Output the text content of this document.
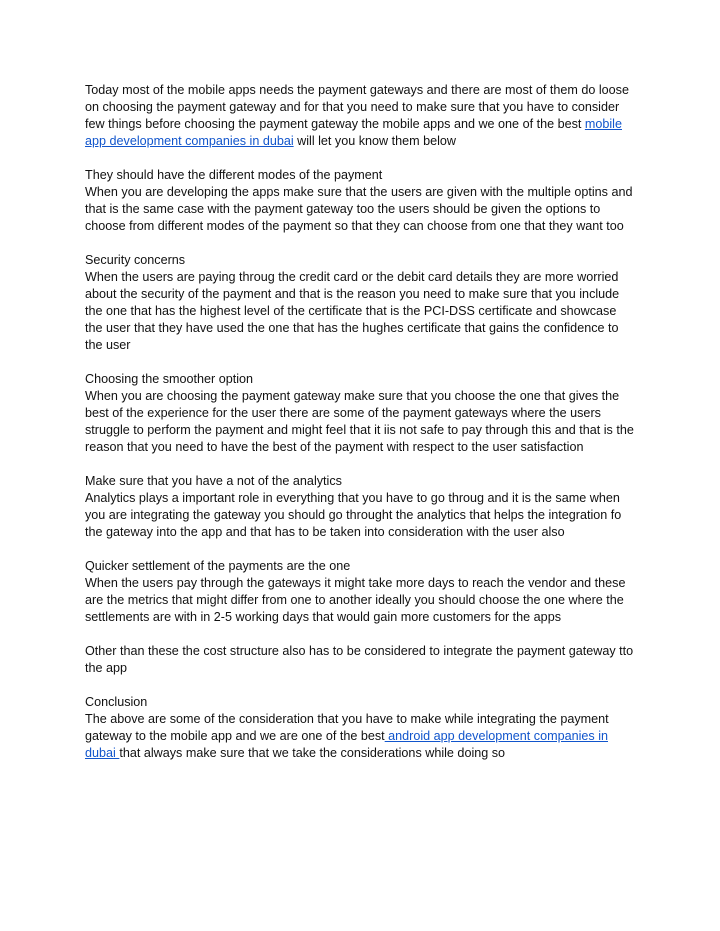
Today most of the mobile apps needs the payment gateways and there are most of them do loose on choosing the payment gateway and for that you need to make sure that you have to consider few things before choosing the payment gateway the mobile apps and we one of the best mobile app development companies in dubai will let you know them below

They should have the different modes of the payment

When you are developing the apps make sure that the users are given with the multiple optins and that is the same case with the payment gateway too the users should be given the options to choose from different modes of the payment so that they can choose from one that they want too

Security concerns

When the users are paying throug the credit card or the debit card details they are more worried about the security of the payment and that is the reason you need to make sure that you include the one that has the highest level of the certificate that is the PCI-DSS certificate and showcase the user that they have used the one that has the hughes certificate that gains the confidence to the user

Choosing the smoother option

When you are choosing the payment gateway make sure that you choose the one that gives the best of the experience for the user there are some of the payment gateways where the users struggle to perform the payment and might feel that it iis not safe to pay through this and that is the reason that you need to have the best of the payment with respect to the user satisfaction

Make sure that you have a not of the analytics

Analytics plays a important role in everything that you have to go throug and it is the same when you are integrating the gateway you should go throught the analytics that helps the integration fo the gateway into the app and that has to be taken into consideration with the user also

Quicker settlement of the payments are the one

When the users pay through the gateways it might take more days to reach the vendor and these are the metrics that might differ from one to another ideally you should choose the one where the settlements are with in 2-5 working days that would gain more customers for the apps

Other than these the cost structure also has to be considered to integrate the payment gateway tto the app

Conclusion

The above are some of the consideration that you have to make while integrating the payment gateway to the mobile app and we are one of the best android app development companies in dubai that always make sure that we take the considerations while doing so
